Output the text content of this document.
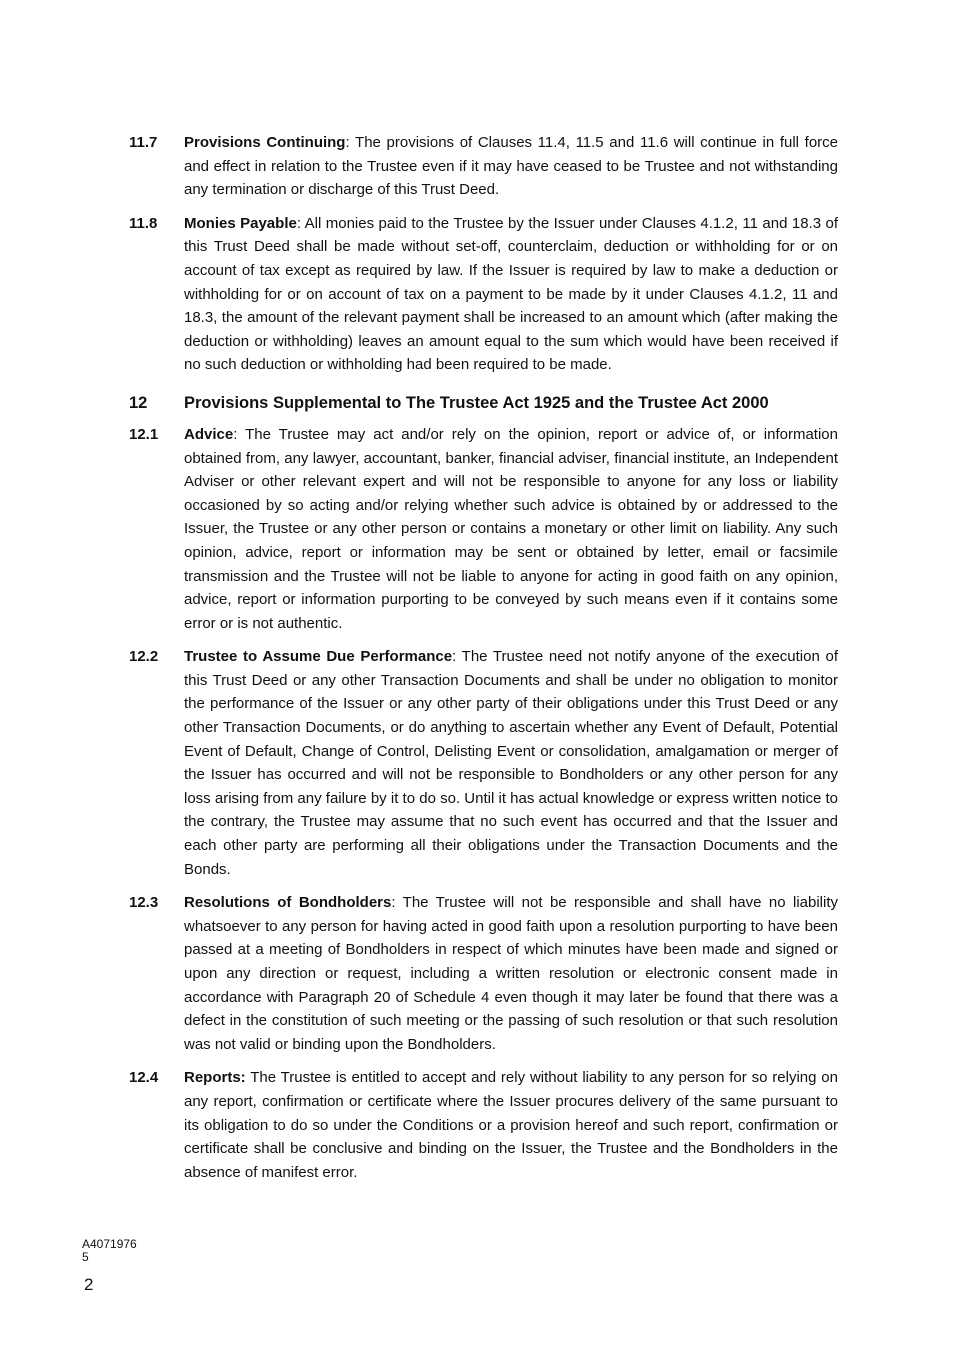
11.7	Provisions Continuing: The provisions of Clauses 11.4, 11.5 and 11.6 will continue in full force and effect in relation to the Trustee even if it may have ceased to be Trustee and not withstanding any termination or discharge of this Trust Deed.
11.8	Monies Payable: All monies paid to the Trustee by the Issuer under Clauses 4.1.2, 11 and 18.3 of this Trust Deed shall be made without set-off, counterclaim, deduction or withholding for or on account of tax except as required by law. If the Issuer is required by law to make a deduction or withholding for or on account of tax on a payment to be made by it under Clauses 4.1.2, 11 and 18.3, the amount of the relevant payment shall be increased to an amount which (after making the deduction or withholding) leaves an amount equal to the sum which would have been received if no such deduction or withholding had been required to be made.
12	Provisions Supplemental to The Trustee Act 1925 and the Trustee Act 2000
12.1	Advice: The Trustee may act and/or rely on the opinion, report or advice of, or information obtained from, any lawyer, accountant, banker, financial adviser, financial institute, an Independent Adviser or other relevant expert and will not be responsible to anyone for any loss or liability occasioned by so acting and/or relying whether such advice is obtained by or addressed to the Issuer, the Trustee or any other person or contains a monetary or other limit on liability. Any such opinion, advice, report or information may be sent or obtained by letter, email or facsimile transmission and the Trustee will not be liable to anyone for acting in good faith on any opinion, advice, report or information purporting to be conveyed by such means even if it contains some error or is not authentic.
12.2	Trustee to Assume Due Performance: The Trustee need not notify anyone of the execution of this Trust Deed or any other Transaction Documents and shall be under no obligation to monitor the performance of the Issuer or any other party of their obligations under this Trust Deed or any other Transaction Documents, or do anything to ascertain whether any Event of Default, Potential Event of Default, Change of Control, Delisting Event or consolidation, amalgamation or merger of the Issuer has occurred and will not be responsible to Bondholders or any other person for any loss arising from any failure by it to do so. Until it has actual knowledge or express written notice to the contrary, the Trustee may assume that no such event has occurred and that the Issuer and each other party are performing all their obligations under the Transaction Documents and the Bonds.
12.3	Resolutions of Bondholders: The Trustee will not be responsible and shall have no liability whatsoever to any person for having acted in good faith upon a resolution purporting to have been passed at a meeting of Bondholders in respect of which minutes have been made and signed or upon any direction or request, including a written resolution or electronic consent made in accordance with Paragraph 20 of Schedule 4 even though it may later be found that there was a defect in the constitution of such meeting or the passing of such resolution or that such resolution was not valid or binding upon the Bondholders.
12.4	Reports: The Trustee is entitled to accept and rely without liability to any person for so relying on any report, confirmation or certificate where the Issuer procures delivery of the same pursuant to its obligation to do so under the Conditions or a provision hereof and such report, confirmation or certificate shall be conclusive and binding on the Issuer, the Trustee and the Bondholders in the absence of manifest error.
A4071976
5
2
